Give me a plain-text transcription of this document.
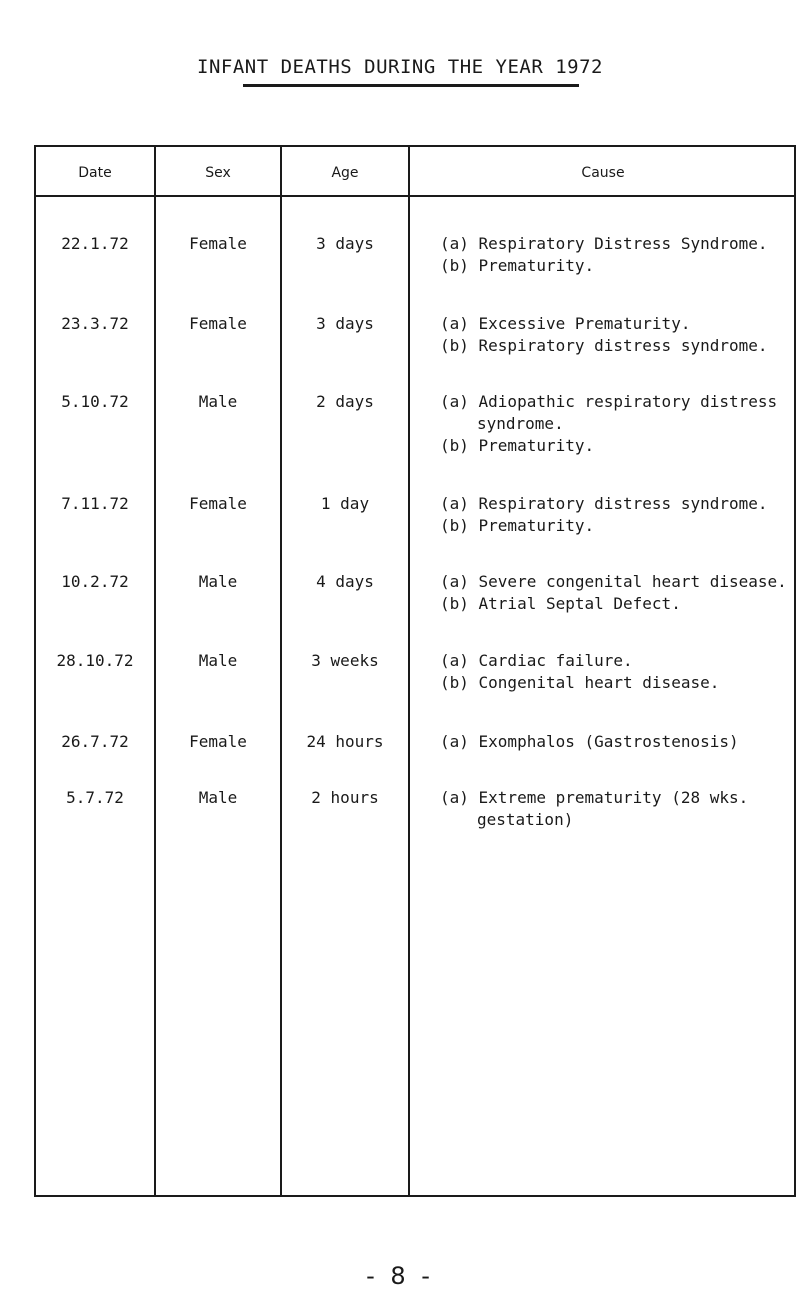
INFANT DEATHS DURING THE YEAR 1972
Date	Sex	Age	Cause
22.1.72	Female	3 days	(a) Respiratory Distress Syndrome.
(b) Prematurity.
23.3.72	Female	3 days	(a) Excessive Prematurity.
(b) Respiratory distress syndrome.
5.10.72	Male	2 days	(a) Adiopathic respiratory distress
syndrome.
(b) Prematurity.
7.11.72	Female	1 day	(a) Respiratory distress syndrome.
(b) Prematurity.
10.2.72	Male	4 days	(a) Severe congenital heart disease.
(b) Atrial Septal Defect.
28.10.72	Male	3 weeks	(a) Cardiac failure.
(b) Congenital heart disease.
26.7.72	Female	24 hours	(a) Exomphalos (Gastrostenosis)
5.7.72	Male	2 hours	(a) Extreme prematurity (28 wks.
gestation)
- 8 -
